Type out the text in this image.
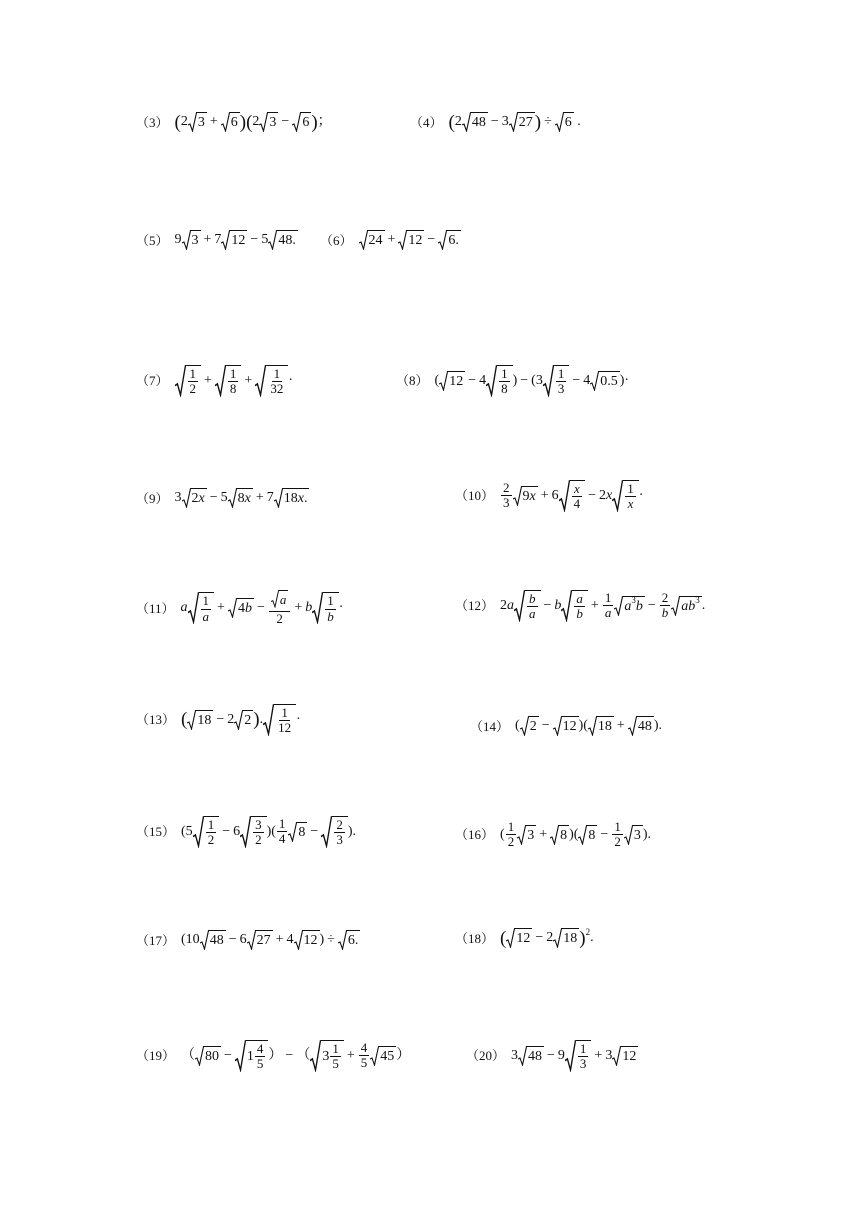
（3） ( 2 3 + 6 )( 2 3 − 6 ) ；	（4） ( 2 48 − 3 27 ) ÷ 6 .
（5） 9 3 + 7 12 − 5 48. （6） 24 + 12 − 6.
（7） 1
2
+ 1
8
+ 1
32
·	（8） ( 12 − 4 1
8
) − (3 1
3
− 4 0.5 )·
（9） 3 2 x − 5 8 x + 7 18 x .	（10）
2
3 9 x + 6 x
4
− 2 x 1
x
·
（11） a 1
a
+ 4 $b - \frac{a}{2} + b$ 1
b
·	（12） 2 a b
a
− b a
b
+ $\frac{1}{a}$ a 3 $b - \frac{2}{b}$ ab 3 .
（13） ( 18 − 2 2 ) . 1
12
·	（14） ( 2 − 12 )( 18 + 48 ).
（15） (5 1
2
− 6 3
2
)(
1
4 8 − 2
3
).	（16） (
1
2 3 + 8 )( $8 - \frac{1}{2} 3$ ).
（17） (10 48 − 6 27 + 4 12 ) ÷ 6.	（18） ( 12 − 2 18 ) 2 .
（19） （ 80 − 1
4
5
） − （ 3
1
5
+ $\frac{4}{5} 45$ ）	（20） 3 48 − 9 1
3
+ 3 12
